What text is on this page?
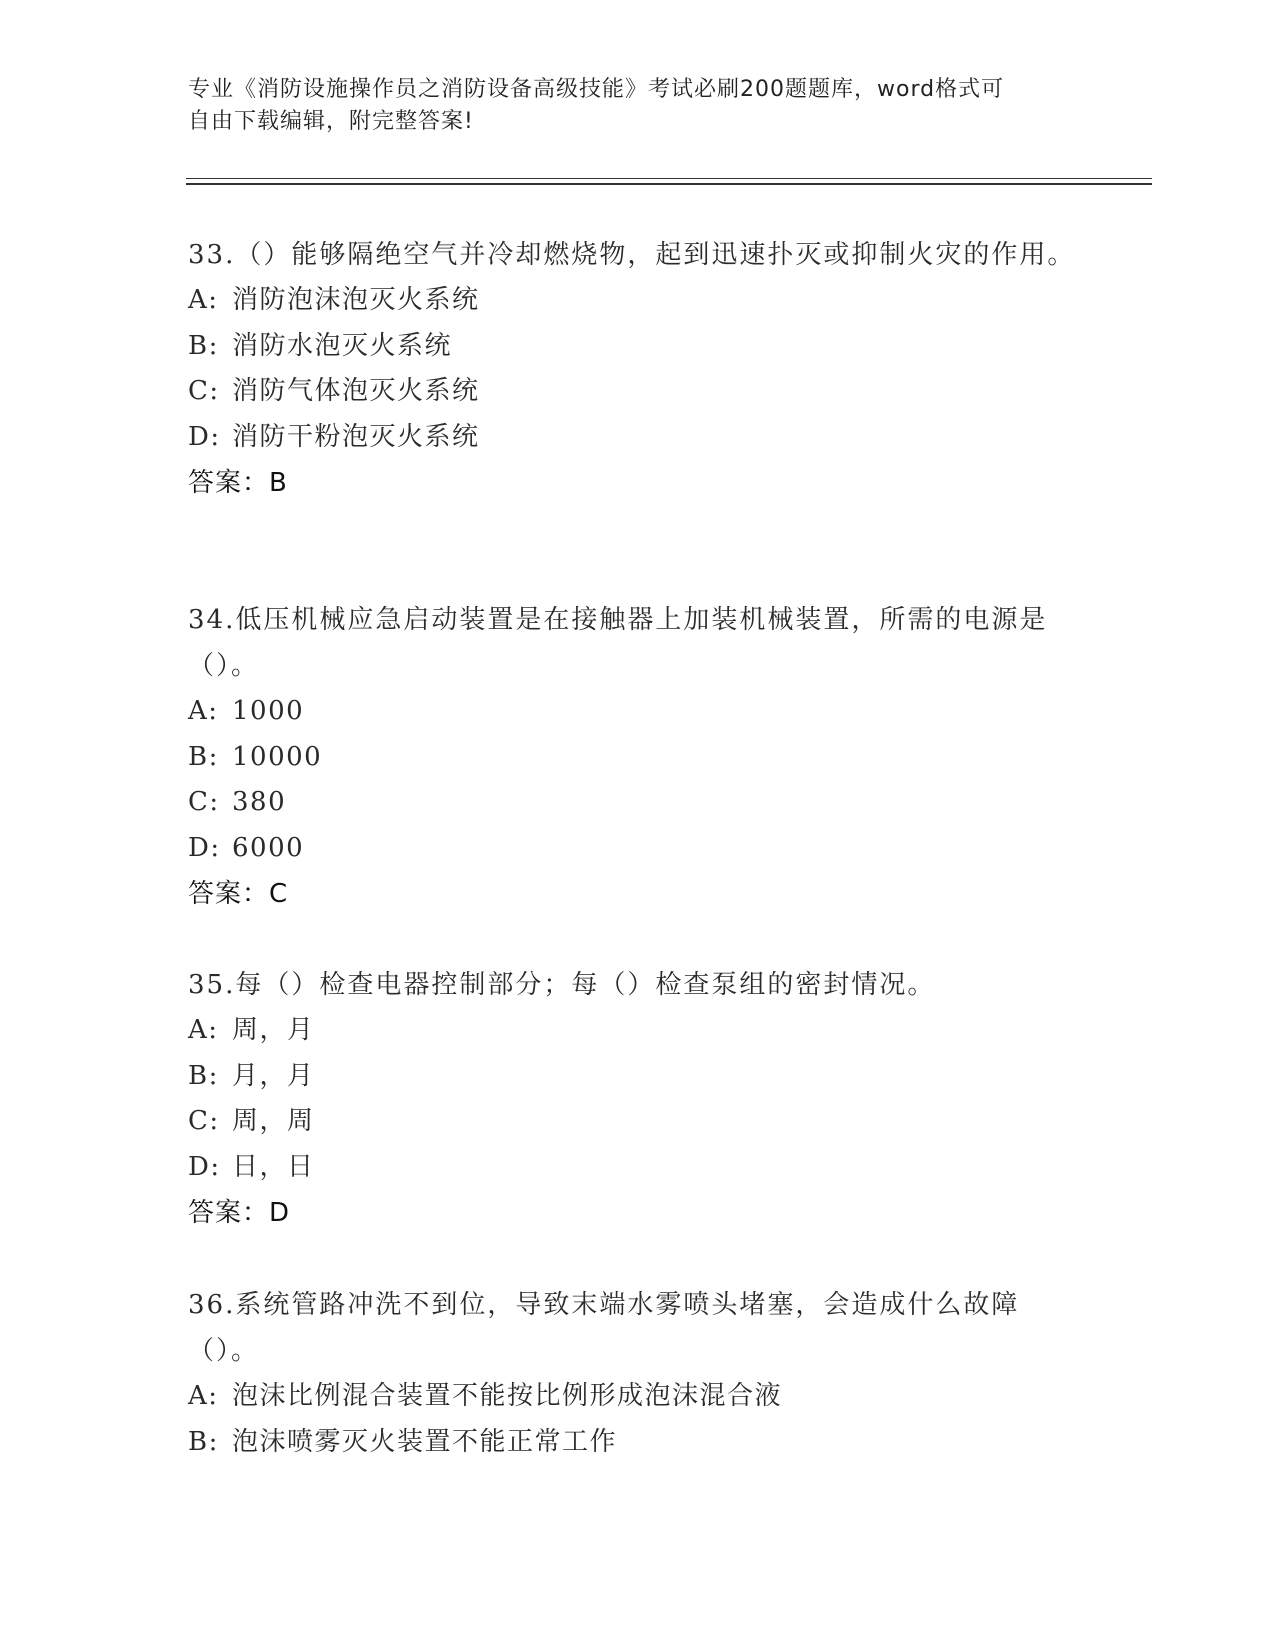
专业《消防设施操作员之消防设备高级技能》考试必刷200题题库，word格式可
自由下载编辑，附完整答案!
33.（）能够隔绝空气并冷却燃烧物，起到迅速扑灭或抑制火灾的作用。
A: 消防泡沫泡灭火系统
B: 消防水泡灭火系统
C: 消防气体泡灭火系统
D: 消防干粉泡灭火系统
答案：B
34.低压机械应急启动装置是在接触器上加装机械装置，所需的电源是（）。
A: 1000
B: 10000
C: 380
D: 6000
答案：C
35.每（）检查电器控制部分；每（）检查泵组的密封情况。
A: 周，月
B: 月，月
C: 周，周
D: 日，日
答案：D
36.系统管路冲洗不到位，导致末端水雾喷头堵塞，会造成什么故障（）。
A: 泡沫比例混合装置不能按比例形成泡沫混合液
B: 泡沫喷雾灭火装置不能正常工作
